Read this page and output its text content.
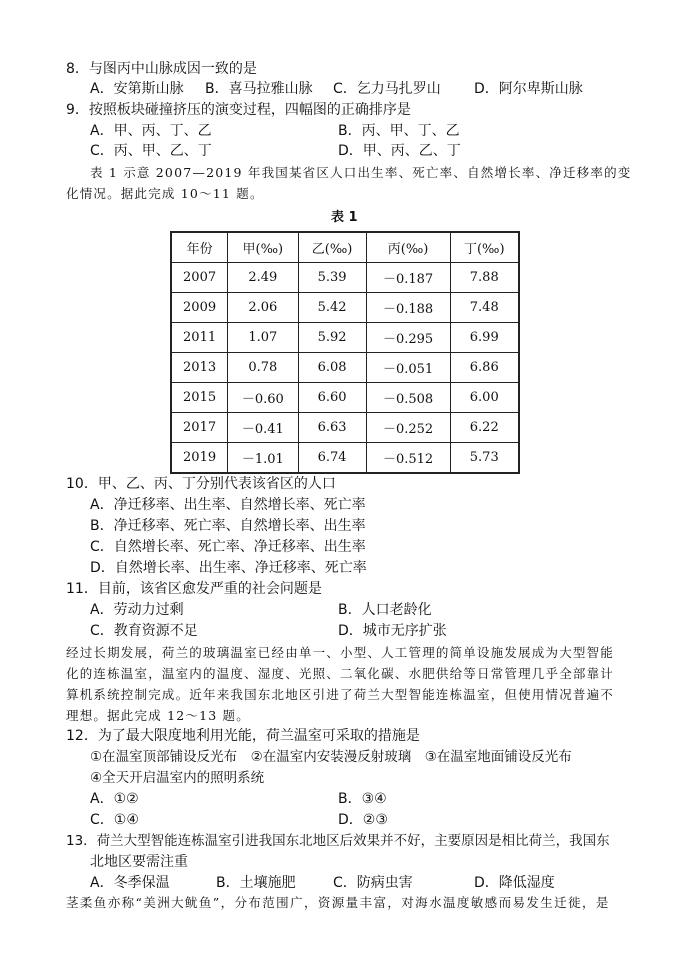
8．与图丙中山脉成因一致的是
A．安第斯山脉 B．喜马拉雅山脉 C．乞力马扎罗山 D．阿尔卑斯山脉
9．按照板块碰撞挤压的演变过程，四幅图的正确排序是
A．甲、丙、丁、乙	B．丙、甲、丁、乙
C．丙、甲、乙、丁	D．甲、丙、乙、丁
表 1 示意 2007—2019 年我国某省区人口出生率、死亡率、自然增长率、净迁移率的变
化情况。据此完成 10～11 题。
表 1
年份	甲(‰)	乙(‰)	丙(‰)	丁(‰)
2007	2.49	5.39	－0.187	7.88
2009	2.06	5.42	－0.188	7.48
2011	1.07	5.92	－0.295	6.99
2013	0.78	6.08	－0.051	6.86
2015	－0.60	6.60	－0.508	6.00
2017	－0.41	6.63	－0.252	6.22
2019	－1.01	6.74	－0.512	5.73
10．甲、乙、丙、丁分别代表该省区的人口
A．净迁移率、出生率、自然增长率、死亡率
B．净迁移率、死亡率、自然增长率、出生率
C．自然增长率、死亡率、净迁移率、出生率
D．自然增长率、出生率、净迁移率、死亡率
11．目前，该省区愈发严重的社会问题是
A．劳动力过剩	B．人口老龄化
C．教育资源不足	D．城市无序扩张
经过长期发展，荷兰的玻璃温室已经由单一、小型、人工管理的简单设施发展成为大型智能
化的连栋温室，温室内的温度、湿度、光照、二氧化碳、水肥供给等日常管理几乎全部靠计
算机系统控制完成。近年来我国东北地区引进了荷兰大型智能连栋温室，但使用情况普遍不
理想。据此完成 12～13 题。
12．为了最大限度地利用光能，荷兰温室可采取的措施是
①在温室顶部铺设反光布　②在温室内安装漫反射玻璃　③在温室地面铺设反光布
④全天开启温室内的照明系统
A．①②	B．③④
C．①④	D．②③
13．荷兰大型智能连栋温室引进我国东北地区后效果并不好，主要原因是相比荷兰，我国东
北地区要需注重
A．冬季保温	B．土壤施肥	C．防病虫害	D．降低湿度
茎柔鱼亦称“美洲大鱿鱼”，分布范围广，资源量丰富，对海水温度敏感而易发生迁徙，是
